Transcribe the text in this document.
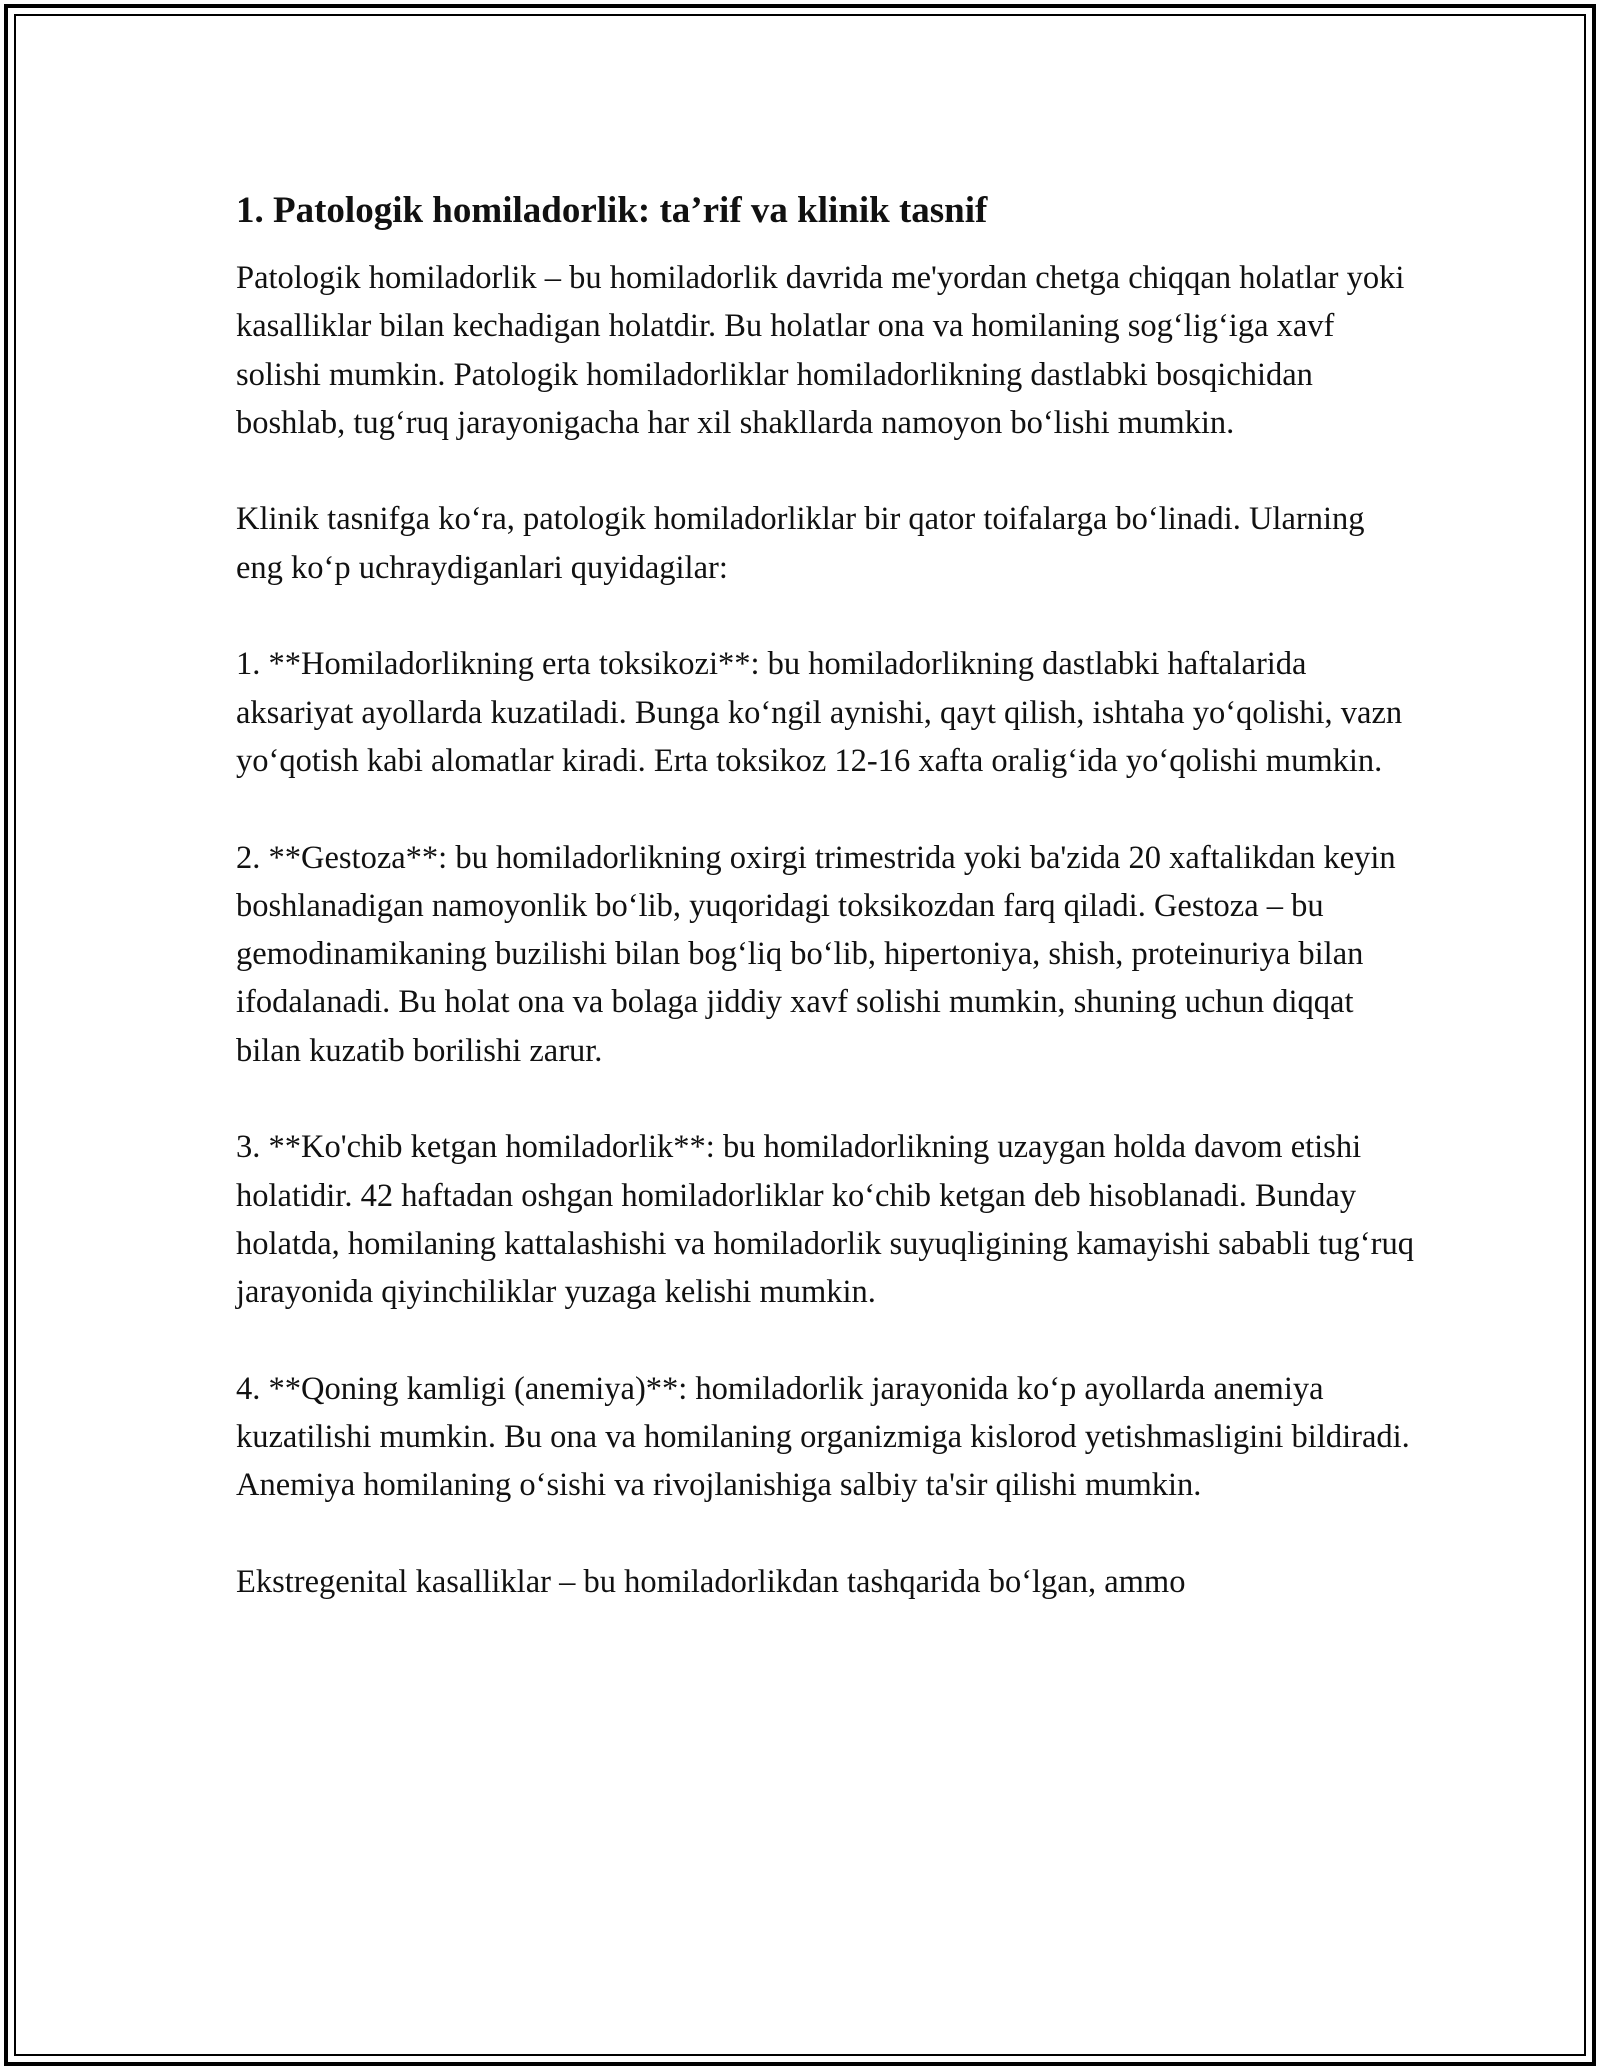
1. Patologik homiladorlik: ta’rif va klinik tasnif

Patologik homiladorlik – bu homiladorlik davrida me'yordan chetga chiqqan holatlar yoki kasalliklar bilan kechadigan holatdir. Bu holatlar ona va homilaning sog‘lig‘iga xavf solishi mumkin. Patologik homiladorliklar homiladorlikning dastlabki bosqichidan boshlab, tug‘ruq jarayonigacha har xil shakllarda namoyon bo‘lishi mumkin.

Klinik tasnifga ko‘ra, patologik homiladorliklar bir qator toifalarga bo‘linadi. Ularning eng ko‘p uchraydiganlari quyidagilar:

1. **Homiladorlikning erta toksikozi**: bu homiladorlikning dastlabki haftalarida aksariyat ayollarda kuzatiladi. Bunga ko‘ngil aynishi, qayt qilish, ishtaha yo‘qolishi, vazn yo‘qotish kabi alomatlar kiradi. Erta toksikoz 12-16 xafta oralig‘ida yo‘qolishi mumkin.

2. **Gestoza**: bu homiladorlikning oxirgi trimestrida yoki ba'zida 20 xaftalikdan keyin boshlanadigan namoyonlik bo‘lib, yuqoridagi toksikozdan farq qiladi. Gestoza – bu gemodinamikaning buzilishi bilan bog‘liq bo‘lib, hipertoniya, shish, proteinuriya bilan ifodalanadi. Bu holat ona va bolaga jiddiy xavf solishi mumkin, shuning uchun diqqat bilan kuzatib borilishi zarur.

3. **Ko'chib ketgan homiladorlik**: bu homiladorlikning uzaygan holda davom etishi holatidir. 42 haftadan oshgan homiladorliklar ko‘chib ketgan deb hisoblanadi. Bunday holatda, homilaning kattalashishi va homiladorlik suyuqligining kamayishi sababli tug‘ruq jarayonida qiyinchiliklar yuzaga kelishi mumkin.

4. **Qoning kamligi (anemiya)**: homiladorlik jarayonida ko‘p ayollarda anemiya kuzatilishi mumkin. Bu ona va homilaning organizmiga kislorod yetishmasligini bildiradi. Anemiya homilaning o‘sishi va rivojlanishiga salbiy ta'sir qilishi mumkin.

Ekstregenital kasalliklar – bu homiladorlikdan tashqarida bo‘lgan, ammo
